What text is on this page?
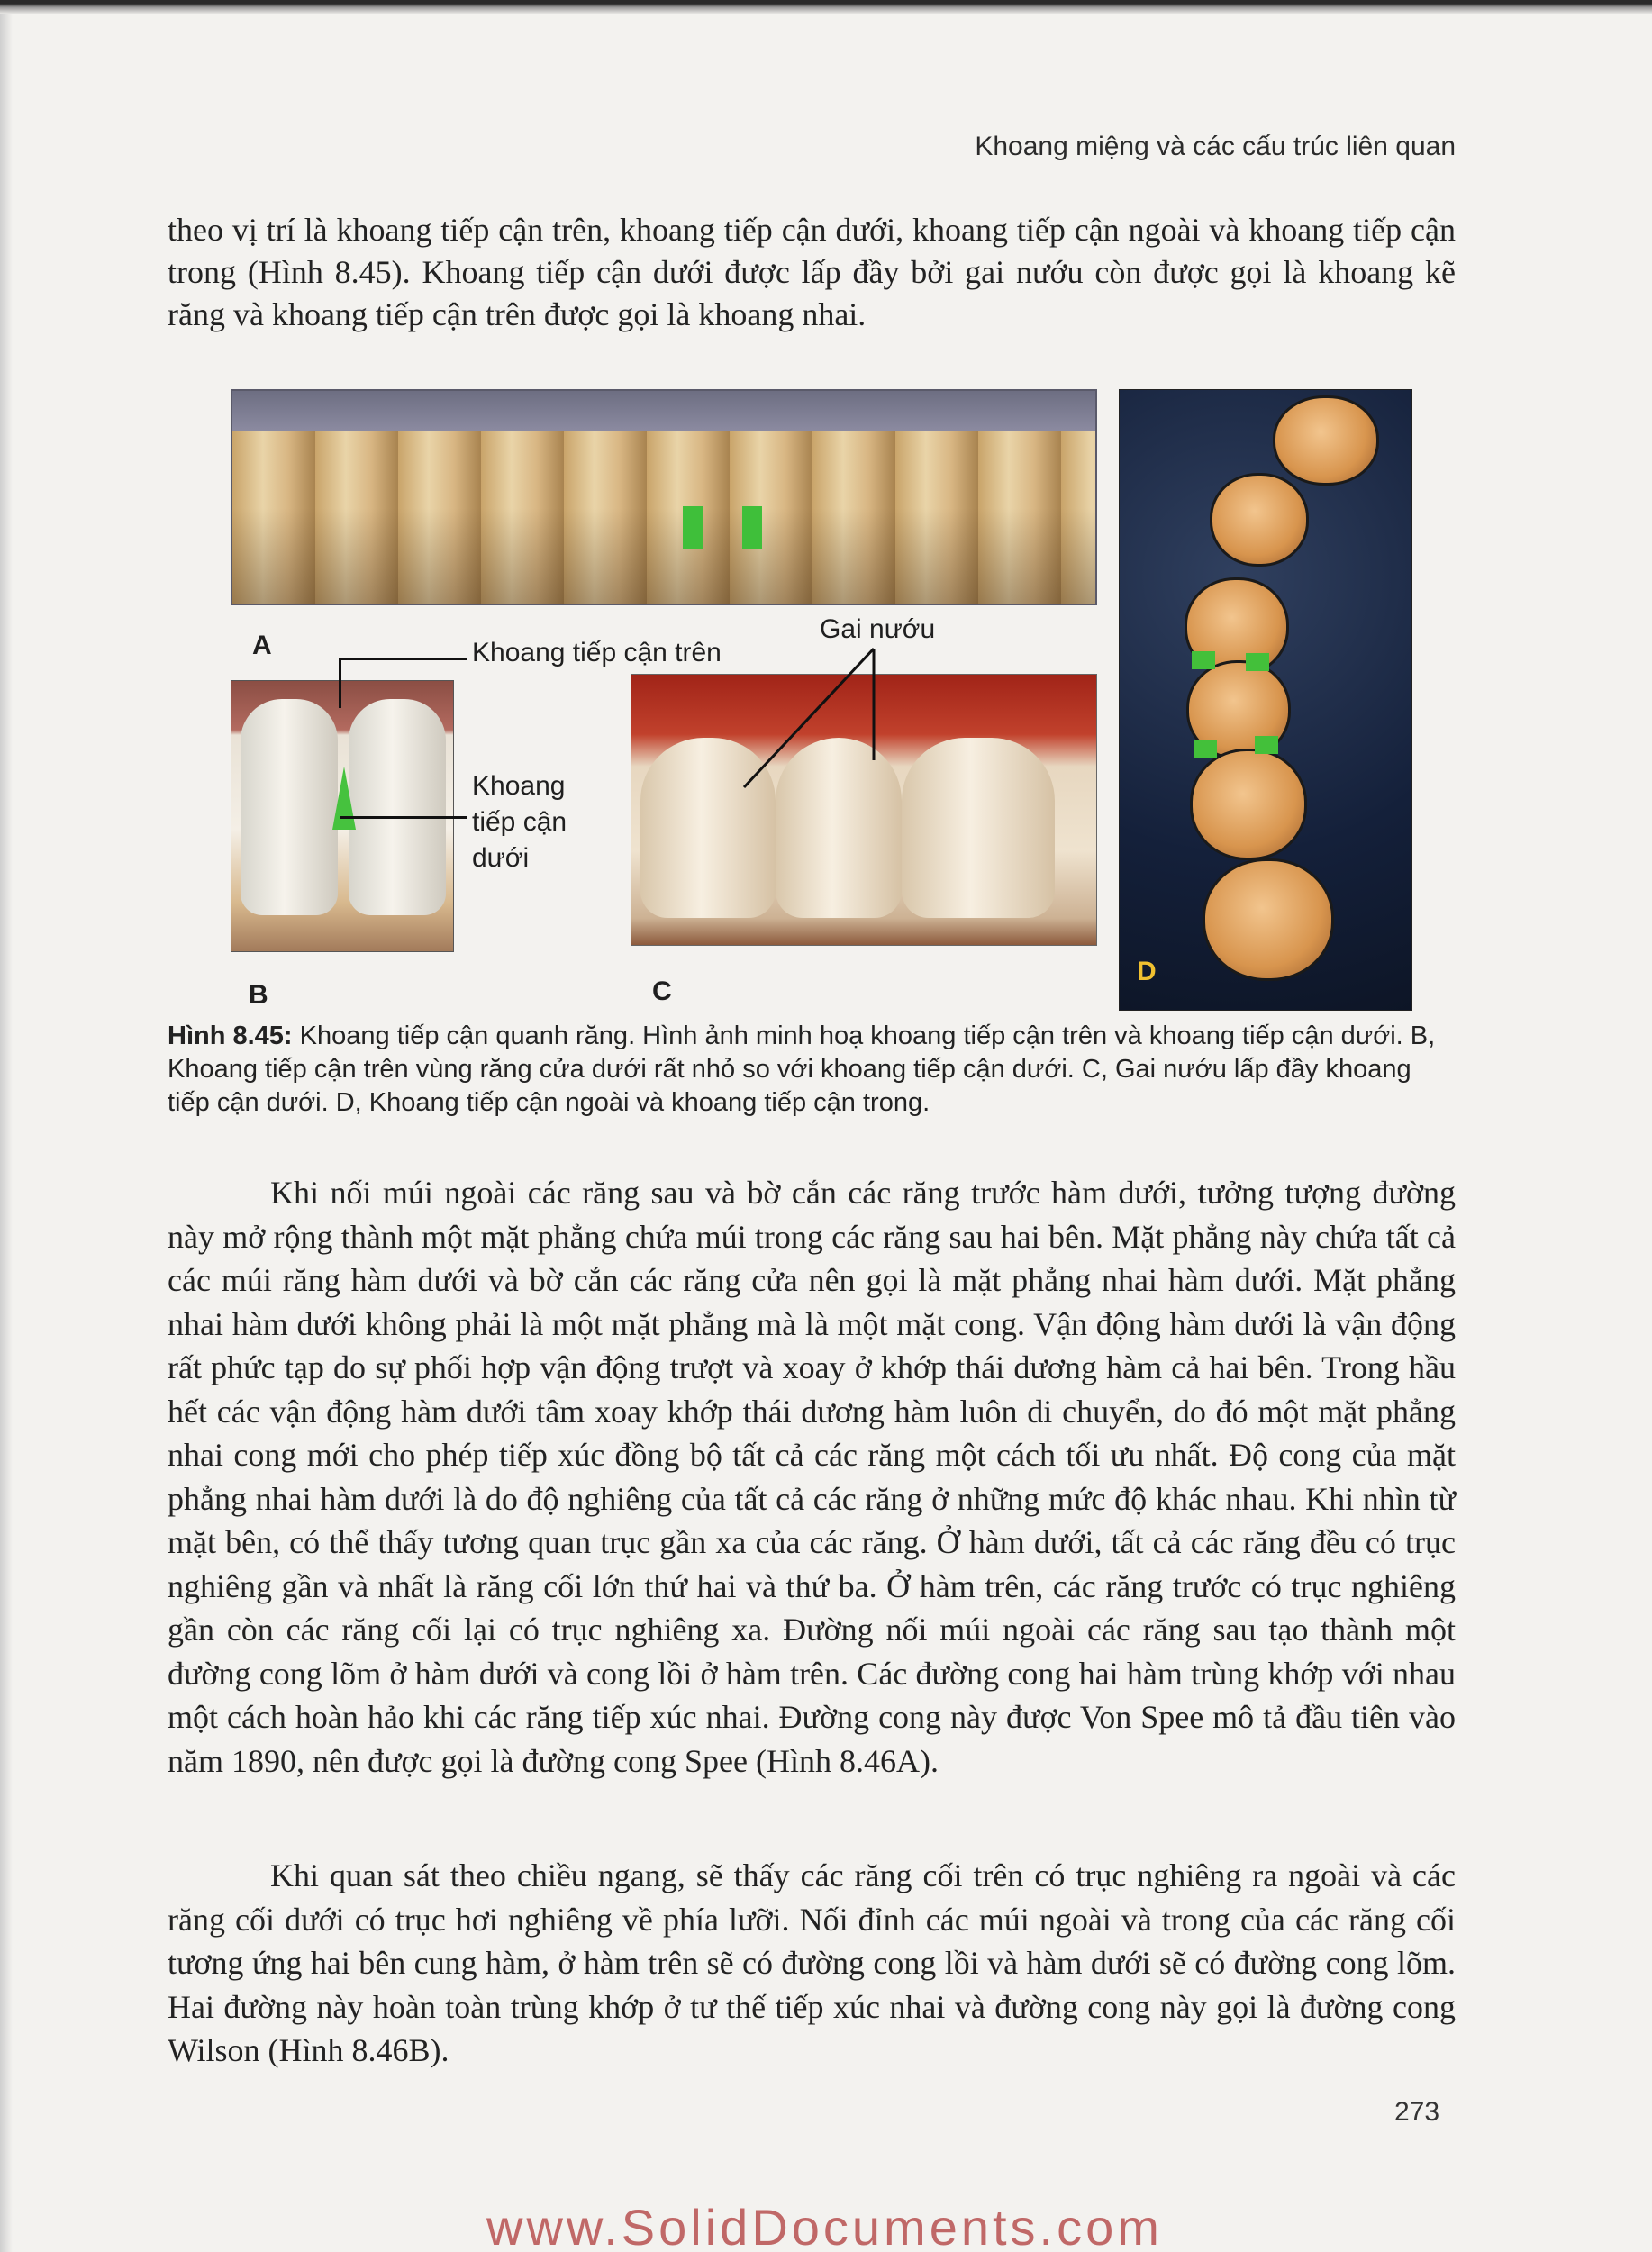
Khoang miệng và các cấu trúc liên quan

theo vị trí là khoang tiếp cận trên, khoang tiếp cận dưới, khoang tiếp cận ngoài và khoang tiếp cận trong (Hình 8.45). Khoang tiếp cận dưới được lấp đầy bởi gai nướu còn được gọi là khoang kẽ răng và khoang tiếp cận trên được gọi là khoang nhai.

A
B	C
D
Khoang tiếp cận trên
Khoang
tiếp cận
dưới
Gai nướu
Hình 8.45: Khoang tiếp cận quanh răng. Hình ảnh minh hoạ khoang tiếp cận trên và khoang tiếp cận dưới. B, Khoang tiếp cận trên vùng răng cửa dưới rất nhỏ so với khoang tiếp cận dưới. C, Gai nướu lấp đầy khoang tiếp cận dưới. D, Khoang tiếp cận ngoài và khoang tiếp cận trong.

Khi nối múi ngoài các răng sau và bờ cắn các răng trước hàm dưới, tưởng tượng đường này mở rộng thành một mặt phẳng chứa múi trong các răng sau hai bên. Mặt phẳng này chứa tất cả các múi răng hàm dưới và bờ cắn các răng cửa nên gọi là mặt phẳng nhai hàm dưới. Mặt phẳng nhai hàm dưới không phải là một mặt phẳng mà là một mặt cong. Vận động hàm dưới là vận động rất phức tạp do sự phối hợp vận động trượt và xoay ở khớp thái dương hàm cả hai bên. Trong hầu hết các vận động hàm dưới tâm xoay khớp thái dương hàm luôn di chuyển, do đó một mặt phẳng nhai cong mới cho phép tiếp xúc đồng bộ tất cả các răng một cách tối ưu nhất. Độ cong của mặt phẳng nhai hàm dưới là do độ nghiêng của tất cả các răng ở những mức độ khác nhau. Khi nhìn từ mặt bên, có thể thấy tương quan trục gần xa của các răng. Ở hàm dưới, tất cả các răng đều có trục nghiêng gần và nhất là răng cối lớn thứ hai và thứ ba. Ở hàm trên, các răng trước có trục nghiêng gần còn các răng cối lại có trục nghiêng xa. Đường nối múi ngoài các răng sau tạo thành một đường cong lõm ở hàm dưới và cong lồi ở hàm trên. Các đường cong hai hàm trùng khớp với nhau một cách hoàn hảo khi các răng tiếp xúc nhai. Đường cong này được Von Spee mô tả đầu tiên vào năm 1890, nên được gọi là đường cong Spee (Hình 8.46A).

Khi quan sát theo chiều ngang, sẽ thấy các răng cối trên có trục nghiêng ra ngoài và các răng cối dưới có trục hơi nghiêng về phía lưỡi. Nối đỉnh các múi ngoài và trong của các răng cối tương ứng hai bên cung hàm, ở hàm trên sẽ có đường cong lồi và hàm dưới sẽ có đường cong lõm. Hai đường này hoàn toàn trùng khớp ở tư thế tiếp xúc nhai và đường cong này gọi là đường cong Wilson (Hình 8.46B).

273
www.SolidDocuments.com
